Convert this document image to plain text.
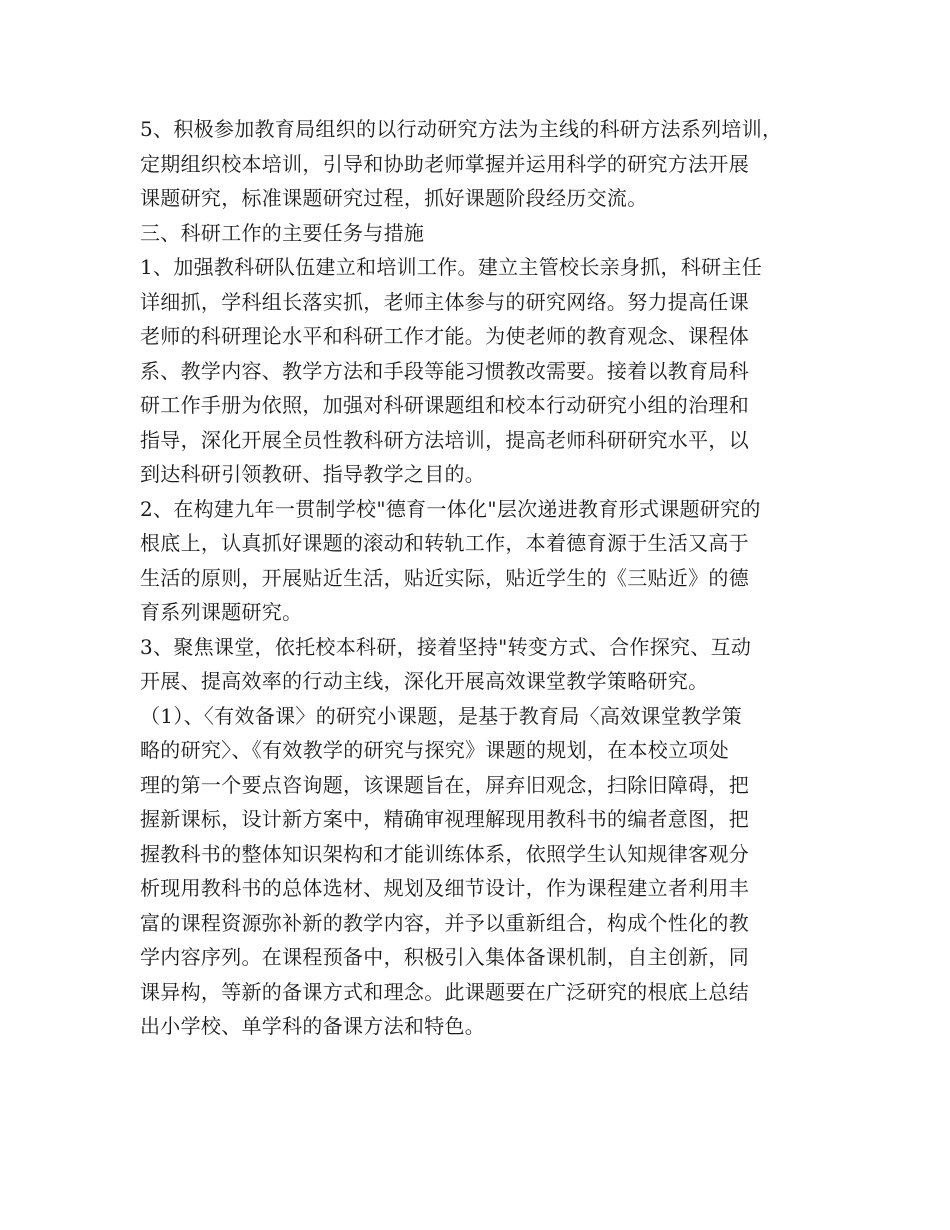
5、积极参加教育局组织的以行动研究方法为主线的科研方法系列培训，
定期组织校本培训，引导和协助老师掌握并运用科学的研究方法开展
课题研究，标准课题研究过程，抓好课题阶段经历交流。
三、科研工作的主要任务与措施
1、加强教科研队伍建立和培训工作。建立主管校长亲身抓，科研主任
详细抓，学科组长落实抓，老师主体参与的研究网络。努力提高任课
老师的科研理论水平和科研工作才能。为使老师的教育观念、课程体
系、教学内容、教学方法和手段等能习惯教改需要。接着以教育局科
研工作手册为依照，加强对科研课题组和校本行动研究小组的治理和
指导，深化开展全员性教科研方法培训，提高老师科研研究水平，以
到达科研引领教研、指导教学之目的。
2、在构建九年一贯制学校"德育一体化"层次递进教育形式课题研究的
根底上，认真抓好课题的滚动和转轨工作，本着德育源于生活又高于
生活的原则，开展贴近生活，贴近实际，贴近学生的《三贴近》的德
育系列课题研究。
3、聚焦课堂，依托校本科研，接着坚持"转变方式、合作探究、互动
开展、提高效率的行动主线，深化开展高效课堂教学策略研究。
（1）、〈有效备课〉的研究小课题，是基于教育局〈高效课堂教学策
略的研究〉、《有效教学的研究与探究》课题的规划，在本校立项处
理的第一个要点咨询题，该课题旨在，屏弃旧观念，扫除旧障碍，把
握新课标，设计新方案中，精确审视理解现用教科书的编者意图，把
握教科书的整体知识架构和才能训练体系，依照学生认知规律客观分
析现用教科书的总体选材、规划及细节设计，作为课程建立者利用丰
富的课程资源弥补新的教学内容，并予以重新组合，构成个性化的教
学内容序列。在课程预备中，积极引入集体备课机制，自主创新，同
课异构，等新的备课方式和理念。此课题要在广泛研究的根底上总结
出小学校、单学科的备课方法和特色。
